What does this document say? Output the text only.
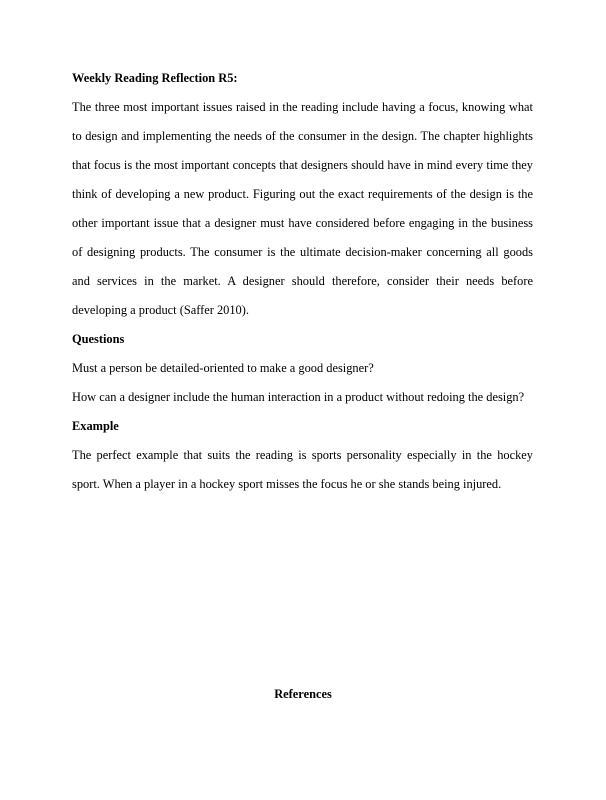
Weekly Reading Reflection R5:

The three most important issues raised in the reading include having a focus, knowing what to design and implementing the needs of the consumer in the design. The chapter highlights that focus is the most important concepts that designers should have in mind every time they think of developing a new product. Figuring out the exact requirements of the design is the other important issue that a designer must have considered before engaging in the business of designing products. The consumer is the ultimate decision-maker concerning all goods and services in the market. A designer should therefore, consider their needs before developing a product (Saffer 2010).

Questions

Must a person be detailed-oriented to make a good designer?

How can a designer include the human interaction in a product without redoing the design?

Example

The perfect example that suits the reading is sports personality especially in the hockey sport. When a player in a hockey sport misses the focus he or she stands being injured.

References
